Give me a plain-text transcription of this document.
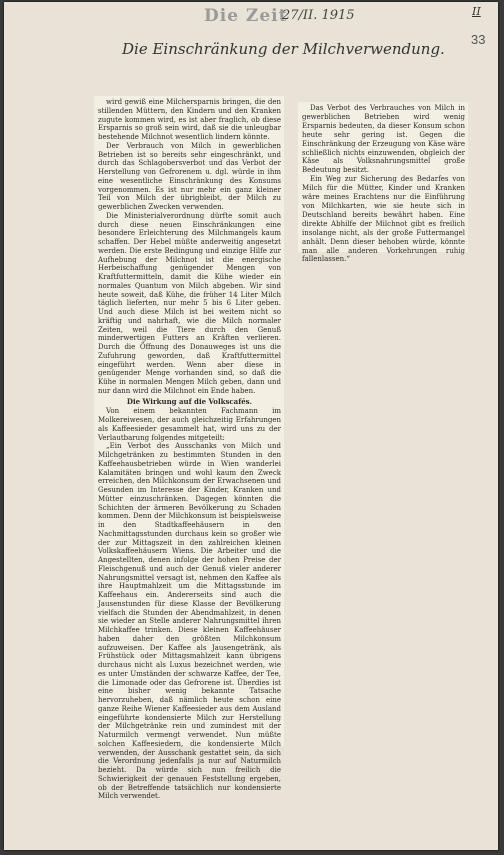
Die Zeit
27/II. 1915	II
33
Die Einschränkung der Milchverwendung.

wird gewiß eine Milchersparnis bringen, die den stillenden Müttern, den Kindern und den Kranken zugute kommen wird, es ist aber fraglich, ob diese Ersparnis so groß sein wird, daß sie die unleugbar bestehende Milchnot wesentlich lindern könnte.

Der Verbrauch von Milch in gewerblichen Betrieben ist so bereits sehr eingeschränkt, und durch das Schlagobersverbot und das Verbot der Herstellung von Gefrorenem u. dgl. würde in ihm eine wesentliche Einschränkung des Konsums vorgenommen. Es ist nur mehr ein ganz kleiner Teil von Milch der übrigbleibt, der Milch zu gewerblichen Zwecken verwenden.

Die Ministerialverordnung dürfte somit auch durch diese neuen Einschränkungen eine besondere Erleichterung des Milchmangels kaum schaffen. Der Hebel müßte anderweitig angesetzt werden. Die erste Bedingung und einzige Hilfe zur Aufhebung der Milchnot ist die energische Herbeischaffung genügender Mengen von Kraftfuttermitteln, damit die Kühe wieder ein normales Quantum von Milch abgeben. Wir sind heute soweit, daß Kühe, die früher 14 Liter Milch täglich lieferten, nur mehr 5 bis 6 Liter geben. Und auch diese Milch ist bei weitem nicht so kräftig und nahrhaft, wie die Milch normaler Zeiten, weil die Tiere durch den Genuß minderwertigen Futters an Kräften verlieren. Durch die Öffnung des Donauweges ist uns die Zufuhrung geworden, daß Kraftfuttermittel eingeführt werden. Wenn aber diese in genügender Menge vorhanden sind, so daß die Kühe in normalen Mengen Milch geben, dann und nur dann wird die Milchnot ein Ende haben.

Die Wirkung auf die Volkscafés.

Von einem bekannten Fachmann im Molkereiwesen, der auch gleichzeitig Erfahrungen als Kaffeesieder gesammelt hat, wird uns zu der Verlautbarung folgendes mitgeteilt:

„Ein Verbot des Ausschanks von Milch und Milchgetränken zu bestimmten Stunden in den Kaffeehausbetrieben würde in Wien wanderlei Kalamitäten bringen und wohl kaum den Zweck erreichen, den Milchkonsum der Erwachsenen und Gesunden im Interesse der Kinder, Kranken und Mütter einzuschränken. Dagegen könnten die Schichten der ärmeren Bevölkerung zu Schaden kommen. Denn der Milchkonsum ist beispielsweise in den Stadtkaffeehäusern in den Nachmittagsstunden durchaus kein so großer wie der zur Mittagszeit in den zahlreichen kleinen Volkskaffeehäusern Wiens. Die Arbeiter und die Angestellten, denen infolge der hohen Preise der Fleischgenuß und auch der Genuß vieler anderer Nahrungsmittel versagt ist, nehmen den Kaffee als ihre Hauptmahlzeit um die Mittagsstunde im Kaffeehaus ein. Andererseits sind auch die Jausenstunden für diese Klasse der Bevölkerung vielfach die Stunden der Abendmahlzeit, in denen sie wieder an Stelle anderer Nahrungsmittel ihren Milchkaffee trinken. Diese kleinen Kaffeehäuser haben daher den größten Milchkonsum aufzuweisen. Der Kaffee als Jausengetränk, als Frühstück oder Mittagsmahlzeit kann übrigens durchaus nicht als Luxus bezeichnet werden, wie es unter Umständen der schwarze Kaffee, der Tee, die Limonade oder das Gefrorene ist. Überdies ist eine bisher wenig bekannte Tatsache hervorzuheben, daß nämlich heute schon eine ganze Reihe Wiener Kaffeesieder aus dem Ausland eingeführte kondensierte Milch zur Herstellung der Milchgetränke rein und zumindest mit der Naturmilch vermengt verwendet. Nun müßte solchen Kaffeesiedern, die kondensierte Milch verwenden, der Ausschank gestattet sein, da sich die Verordnung jedenfalls ja nur auf Naturmilch bezieht. Da würde sich nun freilich die Schwierigkeit der genauen Feststellung ergeben, ob der Betreffende tatsächlich nur kondensierte Milch verwendet.

Das Verbot des Verbrauches von Milch in gewerblichen Betrieben wird wenig Ersparnis bedeuten, da dieser Konsum schon heute sehr gering ist. Gegen die Einschränkung der Erzeugung von Käse wäre schließlich nichts einzuwenden, obgleich der Käse als Volksnahrungsmittel große Bedeutung besitzt.

Ein Weg zur Sicherung des Bedarfes von Milch für die Mütter, Kinder und Kranken wäre meines Erachtens nur die Einführung von Milchkarten, wie sie heute sich in Deutschland bereits bewährt haben. Eine direkte Abhilfe der Milchnot gibt es freilich insolange nicht, als der große Futtermangel anhält. Denn dieser behoben würde, könnte man alle anderen Vorkehrungen ruhig fallenlassen.“
